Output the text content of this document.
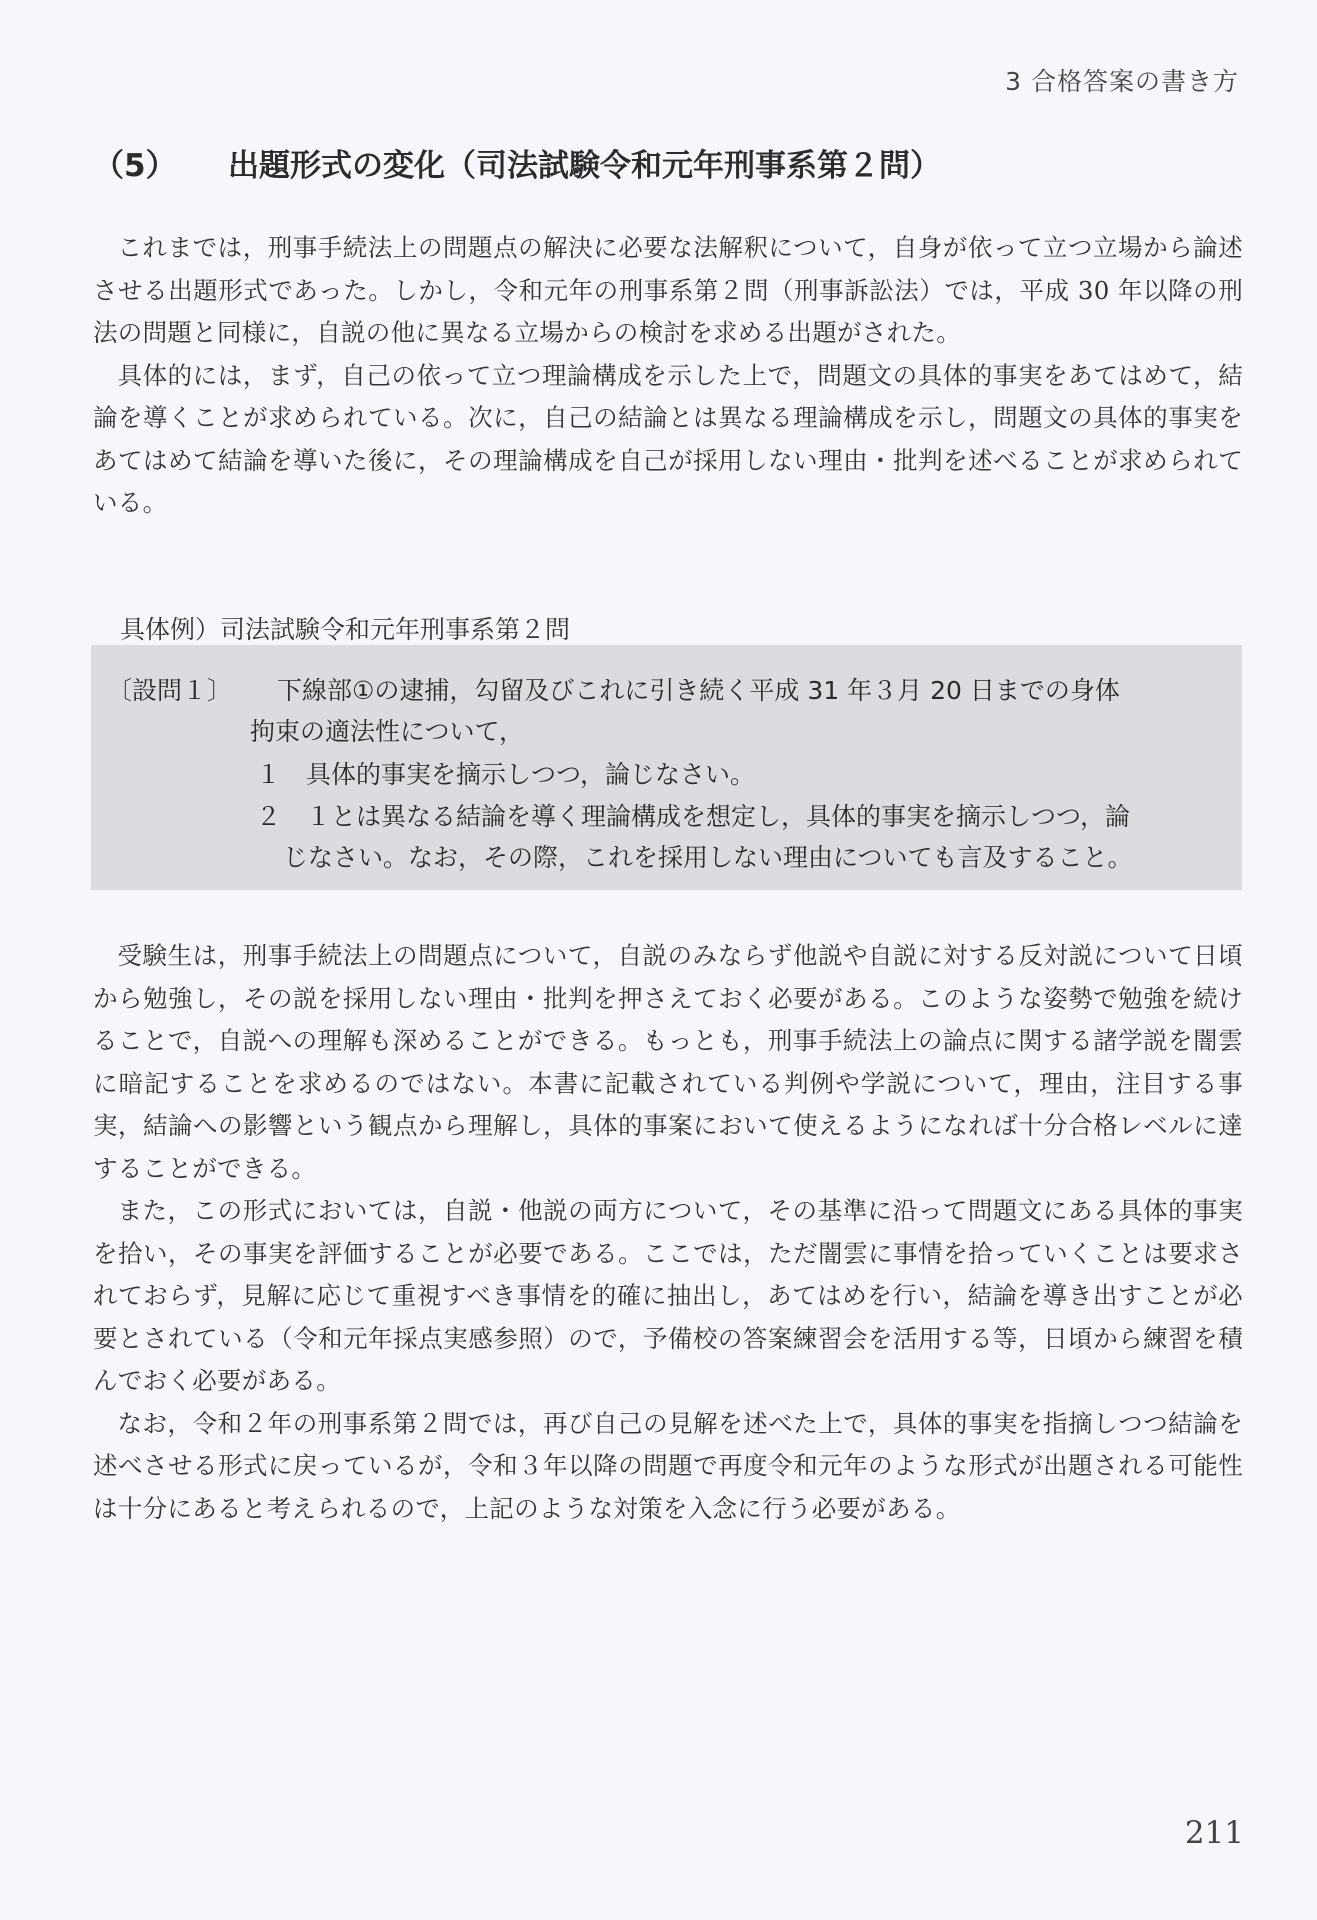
3 合格答案の書き方
（5） 出題形式の変化（司法試験令和元年刑事系第２問）

これまでは，刑事手続法上の問題点の解決に必要な法解釈について，自身が依って立つ立場から論述させる出題形式であった。しかし，令和元年の刑事系第２問（刑事訴訟法）では，平成 30 年以降の刑法の問題と同様に，自説の他に異なる立場からの検討を求める出題がされた。

具体的には，まず，自己の依って立つ理論構成を示した上で，問題文の具体的事実をあてはめて，結論を導くことが求められている。次に，自己の結論とは異なる理論構成を示し，問題文の具体的事実をあてはめて結論を導いた後に，その理論構成を自己が採用しない理由・批判を述べることが求められている。

具体例）司法試験令和元年刑事系第２問
〔設問１〕 下線部①の逮捕，勾留及びこれに引き続く平成 31 年３月 20 日までの身体
拘束の適法性について，
１　具体的事実を摘示しつつ，論じなさい。
２　１とは異なる結論を導く理論構成を想定し，具体的事実を摘示しつつ，論
じなさい。なお，その際，これを採用しない理由についても言及すること。

受験生は，刑事手続法上の問題点について，自説のみならず他説や自説に対する反対説について日頃から勉強し，その説を採用しない理由・批判を押さえておく必要がある。このような姿勢で勉強を続けることで，自説への理解も深めることができる。もっとも，刑事手続法上の論点に関する諸学説を闇雲に暗記することを求めるのではない。本書に記載されている判例や学説について，理由，注目する事実，結論への影響という観点から理解し，具体的事案において使えるようになれば十分合格レベルに達することができる。

また，この形式においては，自説・他説の両方について，その基準に沿って問題文にある具体的事実を拾い，その事実を評価することが必要である。ここでは，ただ闇雲に事情を拾っていくことは要求されておらず，見解に応じて重視すべき事情を的確に抽出し，あてはめを行い，結論を導き出すことが必要とされている（令和元年採点実感参照）ので，予備校の答案練習会を活用する等，日頃から練習を積んでおく必要がある。

なお，令和２年の刑事系第２問では，再び自己の見解を述べた上で，具体的事実を指摘しつつ結論を述べさせる形式に戻っているが，令和３年以降の問題で再度令和元年のような形式が出題される可能性は十分にあると考えられるので，上記のような対策を入念に行う必要がある。

211
